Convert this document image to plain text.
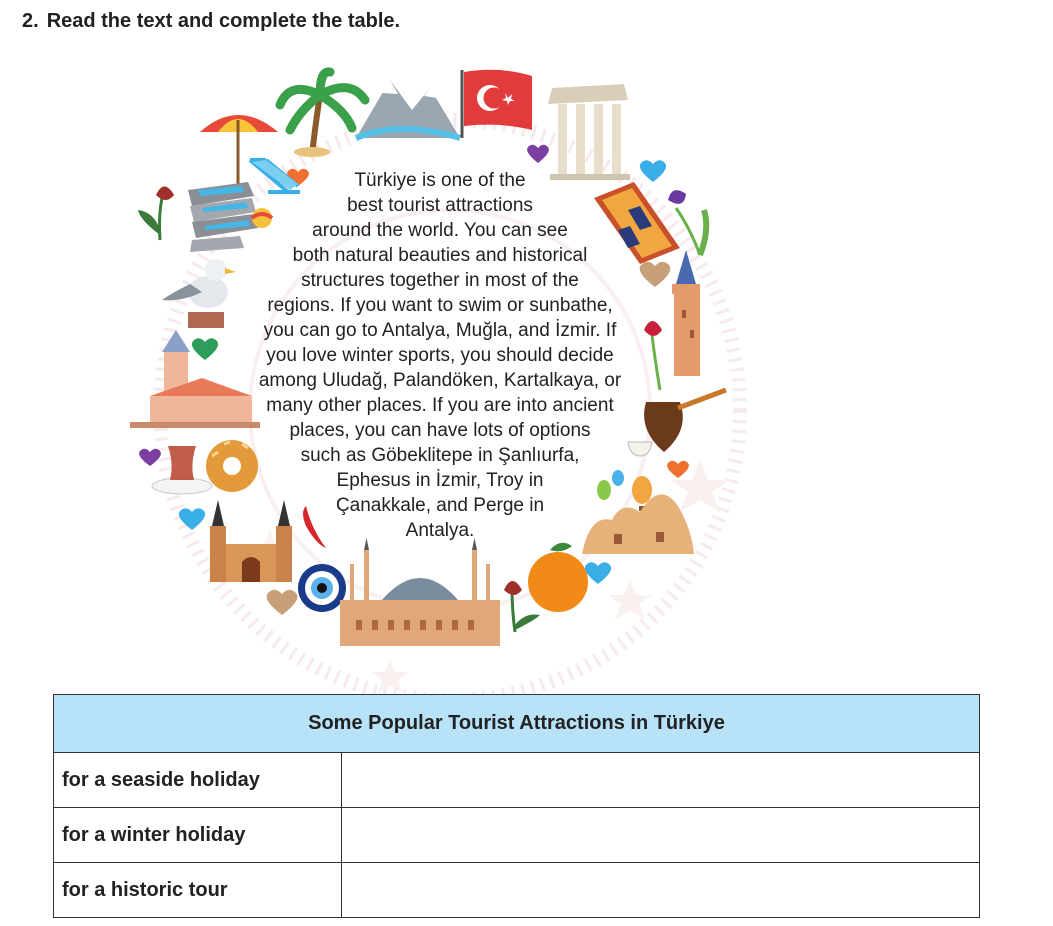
2. Read the text and complete the table.
Türkiye is one of the
best tourist attractions
around the world. You can see
both natural beauties and historical
structures together in most of the
regions. If you want to swim or sunbathe,
you can go to Antalya, Muğla, and İzmir. If
you love winter sports, you should decide
among Uludağ, Palandöken, Kartalkaya, or
many other places. If you are into ancient
places, you can have lots of options
such as Göbeklitepe in Şanlıurfa,
Ephesus in İzmir, Troy in
Çanakkale, and Perge in
Antalya.
Some Popular Tourist Attractions in Türkiye	
for a seaside holiday	
for a winter holiday	
for a historic tour	
